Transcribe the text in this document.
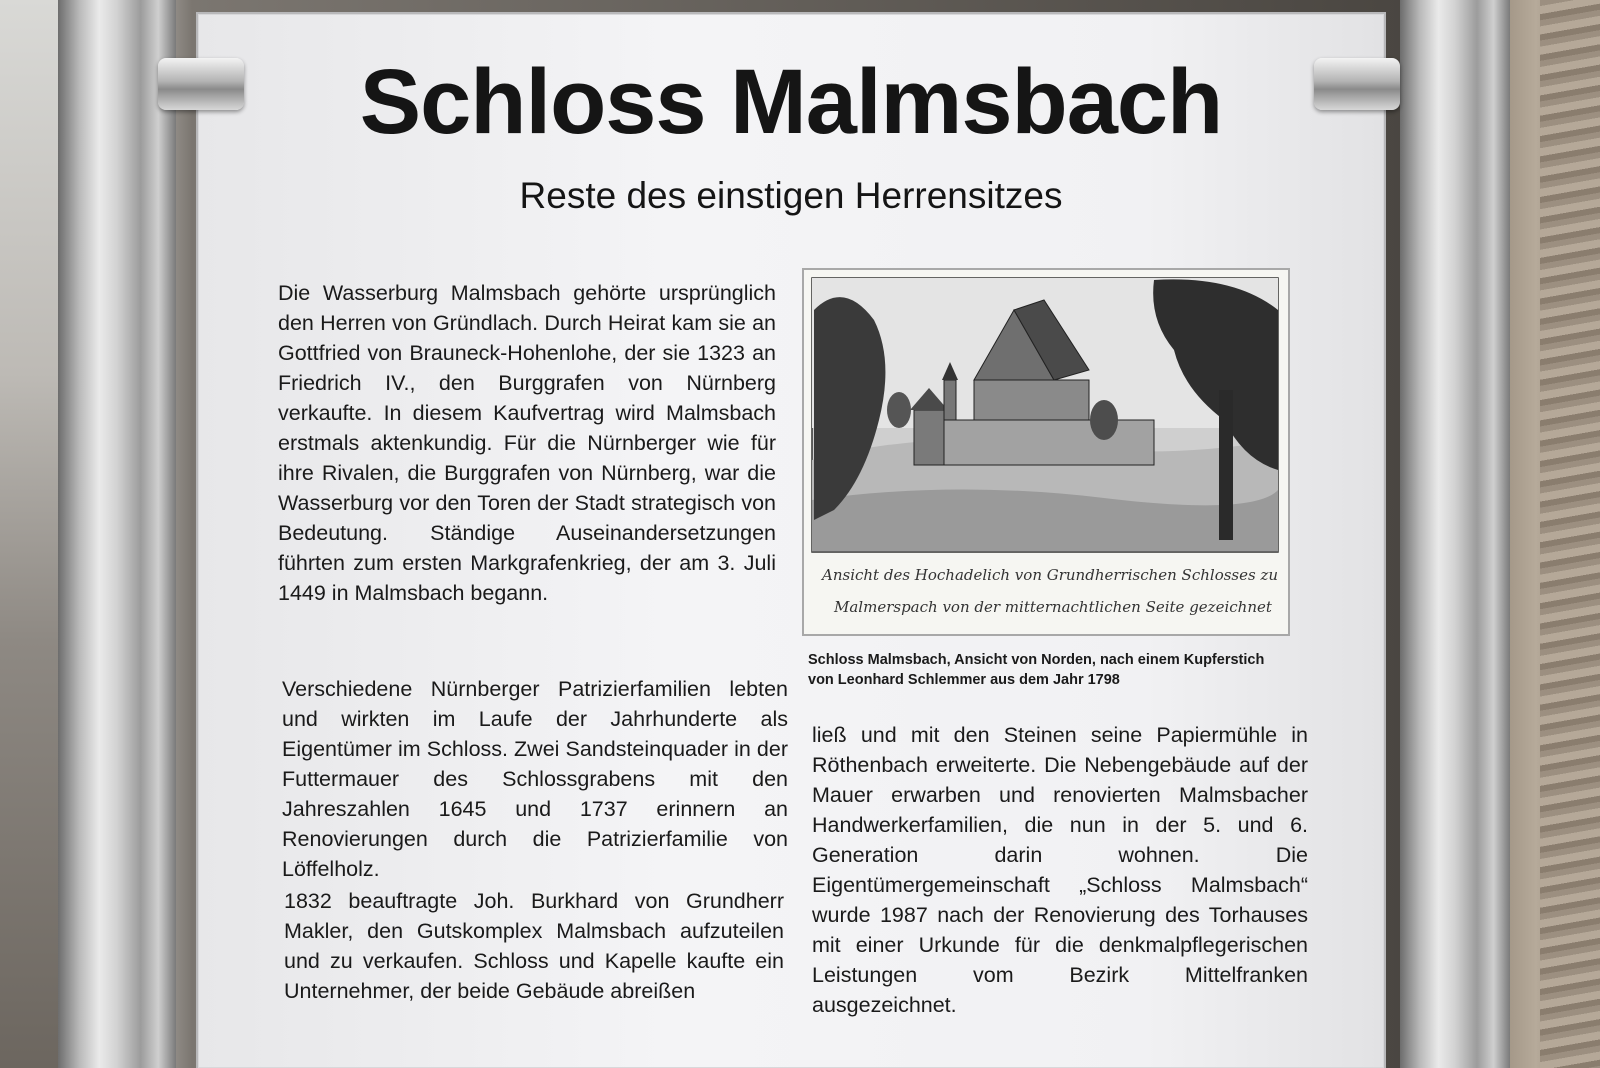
Schloss Malmsbach
Reste des einstigen Herrensitzes

Die Wasserburg Malmsbach gehörte ursprünglich den Herren von Gründlach. Durch Heirat kam sie an Gottfried von Brauneck-Hohenlohe, der sie 1323 an Friedrich IV., den Burggrafen von Nürnberg verkaufte. In diesem Kaufvertrag wird Malmsbach erstmals aktenkundig. Für die Nürnberger wie für ihre Rivalen, die Burggrafen von Nürnberg, war die Wasserburg vor den Toren der Stadt strategisch von Bedeutung. Ständige Auseinandersetzungen führten zum ersten Markgrafenkrieg, der am 3. Juli 1449 in Malmsbach begann.

Ansicht des Hochadelich von Grundherrischen Schlosses zu
Malmerspach von der mitternachtlichen Seite gezeichnet

Schloss Malmsbach, Ansicht von Norden, nach einem Kupferstich

von Leonhard Schlemmer aus dem Jahr 1798

Verschiedene Nürnberger Patrizierfamilien lebten und wirkten im Laufe der Jahrhunderte als Eigentümer im Schloss. Zwei Sandsteinquader in der Futtermauer des Schlossgrabens mit den Jahreszahlen 1645 und 1737 erinnern an Renovierungen durch die Patrizierfamilie von Löffelholz.

1832 beauftragte Joh. Burkhard von Grundherr Makler, den Gutskomplex Malmsbach aufzuteilen und zu verkaufen. Schloss und Kapelle kaufte ein Unternehmer, der beide Gebäude abreißen

ließ und mit den Steinen seine Papiermühle in Röthenbach erweiterte. Die Nebengebäude auf der Mauer erwarben und renovierten Malmsbacher Handwerkerfamilien, die nun in der 5. und 6. Generation darin wohnen. Die Eigentümergemeinschaft „Schloss Malmsbach“ wurde 1987 nach der Renovierung des Torhauses mit einer Urkunde für die denkmalpflegerischen Leistungen vom Bezirk Mittelfranken ausgezeichnet.
